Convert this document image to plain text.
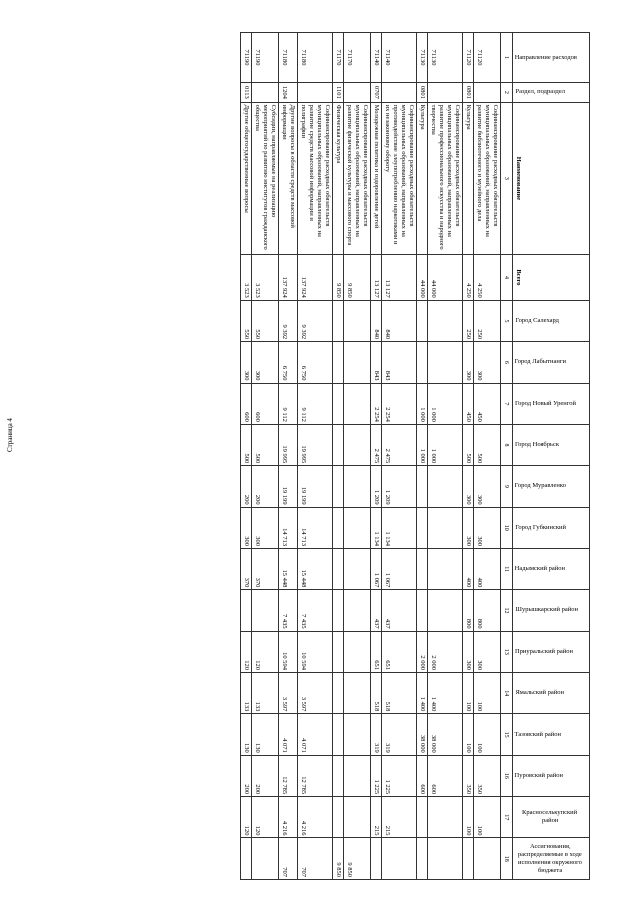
Страница 4
Направление расходов	Раздел, подраздел	Наименование	Всего	Город Салехард	Город Лабытнанги	Город Новый Уренгой	Город Ноябрьск	Город Муравленко	Город Губкинский	Надымский район	Шурышкарский район	Приуральский район	Ямальский район	Тазовский район	Пуровский район	Красноселькупский район	Ассигнования, распределяемые в ходе исполнения окружного бюджета

1	2	3	4	5	6	7	8	9	10	11	12	13	14	15	16	17	18
71120		Софинансирование расходных обязательств муниципальных образований, направленных на развитие библиотечного и музейного дела	4 250	250	300	450	500	300	300	400	800	300	100	100	350	100	
71120	0801	Культура	4 250	250	300	450	500	300	300	400	800	300	100	100	350	100	
71130		Софинансирование расходных обязательств муниципальных образований, направленных на развитие профессионального искусства и народного творчества	44 000			1 000	1 000					2 000	1 400	38 000	600		
71130	0801	Культура	44 000			1 000	1 000					2 000	1 400	38 000	600		
71140		Софинансирование расходных обязательств муниципальных образований, направленных на противодействие злоупотреблению наркотиками и их незаконному обороту	13 127	840	843	2 254	2 475	1 209	1 134	1 067	437	651	518	319	1 225	215	
71140	0707	Молодежная политика и оздоровление детей	13 127	840	843	2 254	2 475	1 209	1 134	1 067	437	651	518	319	1 225	215	
71170		Софинансирование расходных обязательств муниципальных образований, направленных на развитие физической культуры и массового спорта	9 850														9 850
71170	1101	Физическая культура	9 850														9 850
71180		Софинансирование расходных обязательств муниципальных образований, направленных на развитие средств массовой информации и полиграфии	137 924	9 392	6 750	9 112	19 995	19 199	14 713	15 448	7 435	10 594	3 597	4 071	12 785	4 216	707
71180	1204	Другие вопросы в области средств массовой информации	137 924	9 392	6 750	9 112	19 995	19 199	14 713	15 448	7 435	10 594	3 597	4 071	12 785	4 216	707
71190		Субсидии, направляемые на реализацию мероприятий по развитию институтов гражданского общества	3 523	550	300	600	500	200	300	370		120	133	130	200	120	
71190	0113	Другие общегосударственные вопросы	3 523	550	300	600	500	200	300	370		120	133	130	200	120	
